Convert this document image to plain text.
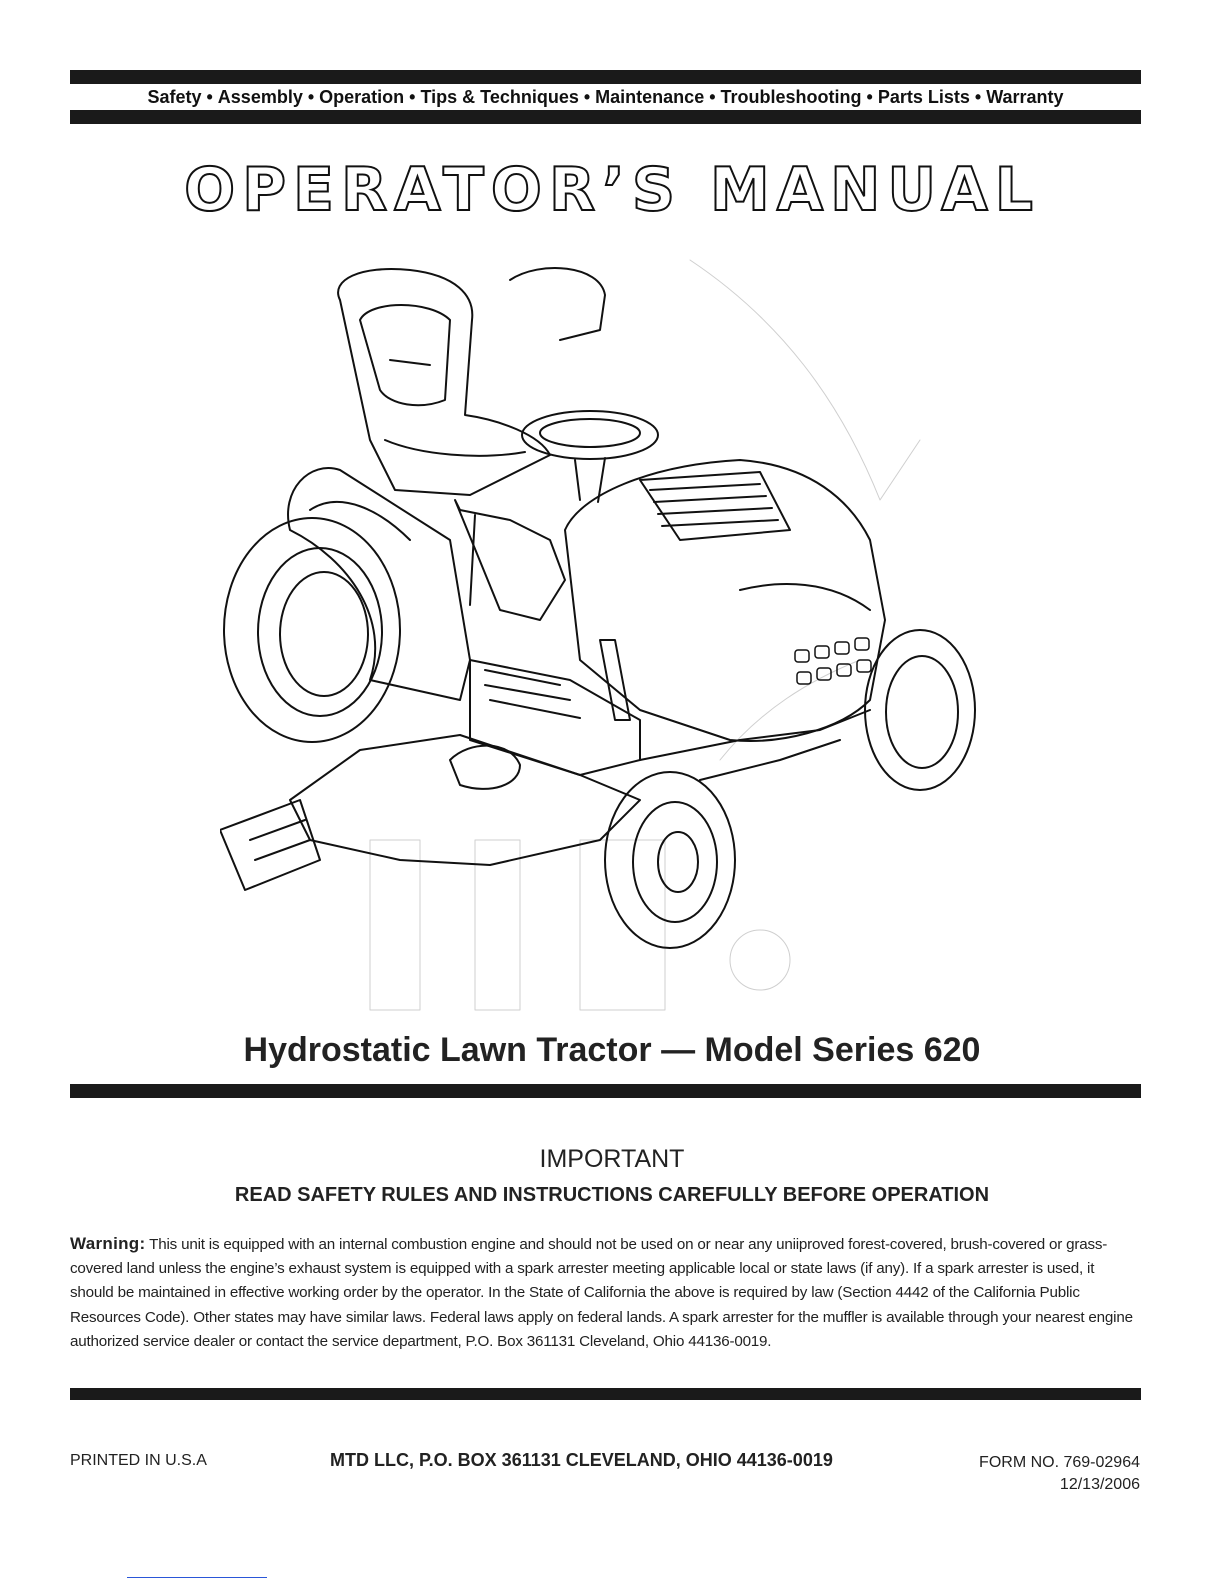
Safety • Assembly • Operation • Tips & Techniques • Maintenance • Troubleshooting • Parts Lists • Warranty
OPERATOR’S MANUAL
Hydrostatic Lawn Tractor — Model Series 620
IMPORTANT
READ SAFETY RULES AND INSTRUCTIONS CAREFULLY BEFORE OPERATION
Warning: This unit is equipped with an internal combustion engine and should not be used on or near any uniiproved forest-covered, brush-covered or grass-covered land unless the engine’s exhaust system is equipped with a spark arrester meeting applicable local or state laws (if any). If a spark arrester is used, it should be maintained in effective working order by the operator. In the State of California the above is required by law (Section 4442 of the California Public Resources Code). Other states may have similar laws. Federal laws apply on federal lands. A spark arrester for the muffler is available through your nearest engine authorized service dealer or contact the service department, P.O. Box 361131 Cleveland, Ohio 44136-0019.
PRINTED IN U.S.A	MTD LLC, P.O. BOX 361131 CLEVELAND, OHIO 44136-0019	FORM NO. 769-02964
12/13/2006
